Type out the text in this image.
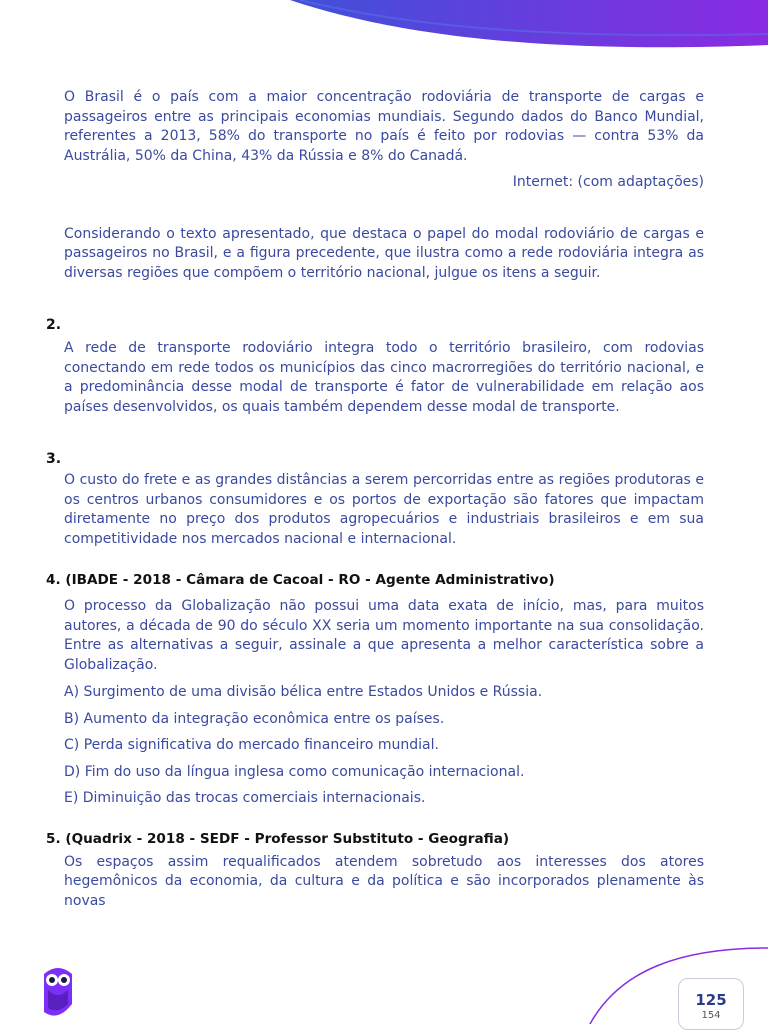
O Brasil é o país com a maior concentração rodoviária de transporte de cargas e passageiros entre as principais economias mundiais. Segundo dados do Banco Mundial, referentes a 2013, 58% do transporte no país é feito por rodovias — contra 53% da Austrália, 50% da China, 43% da Rússia e 8% do Canadá.

Internet: (com adaptações)

Considerando o texto apresentado, que destaca o papel do modal rodoviário de cargas e passageiros no Brasil, e a figura precedente, que ilustra como a rede rodoviária integra as diversas regiões que compõem o território nacional, julgue os itens a seguir.

2.

A rede de transporte rodoviário integra todo o território brasileiro, com rodovias conectando em rede todos os municípios das cinco macrorregiões do território nacional, e a predominância desse modal de transporte é fator de vulnerabilidade em relação aos países desenvolvidos, os quais também dependem desse modal de transporte.

3.

O custo do frete e as grandes distâncias a serem percorridas entre as regiões produtoras e os centros urbanos consumidores e os portos de exportação são fatores que impactam diretamente no preço dos produtos agropecuários e industriais brasileiros e em sua competitividade nos mercados nacional e internacional.

4. (IBADE - 2018 - Câmara de Cacoal - RO - Agente Administrativo)

O processo da Globalização não possui uma data exata de início, mas, para muitos autores, a década de 90 do século XX seria um momento importante na sua consolidação. Entre as alternativas a seguir, assinale a que apresenta a melhor característica sobre a Globalização.

A) Surgimento de uma divisão bélica entre Estados Unidos e Rússia.

B) Aumento da integração econômica entre os países.

C) Perda significativa do mercado financeiro mundial.

D) Fim do uso da língua inglesa como comunicação internacional.

E) Diminuição das trocas comerciais internacionais.

5. (Quadrix - 2018 - SEDF - Professor Substituto - Geografia)

Os espaços assim requalificados atendem sobretudo aos interesses dos atores hegemônicos da economia, da cultura e da política e são incorporados plenamente às novas

125
154
